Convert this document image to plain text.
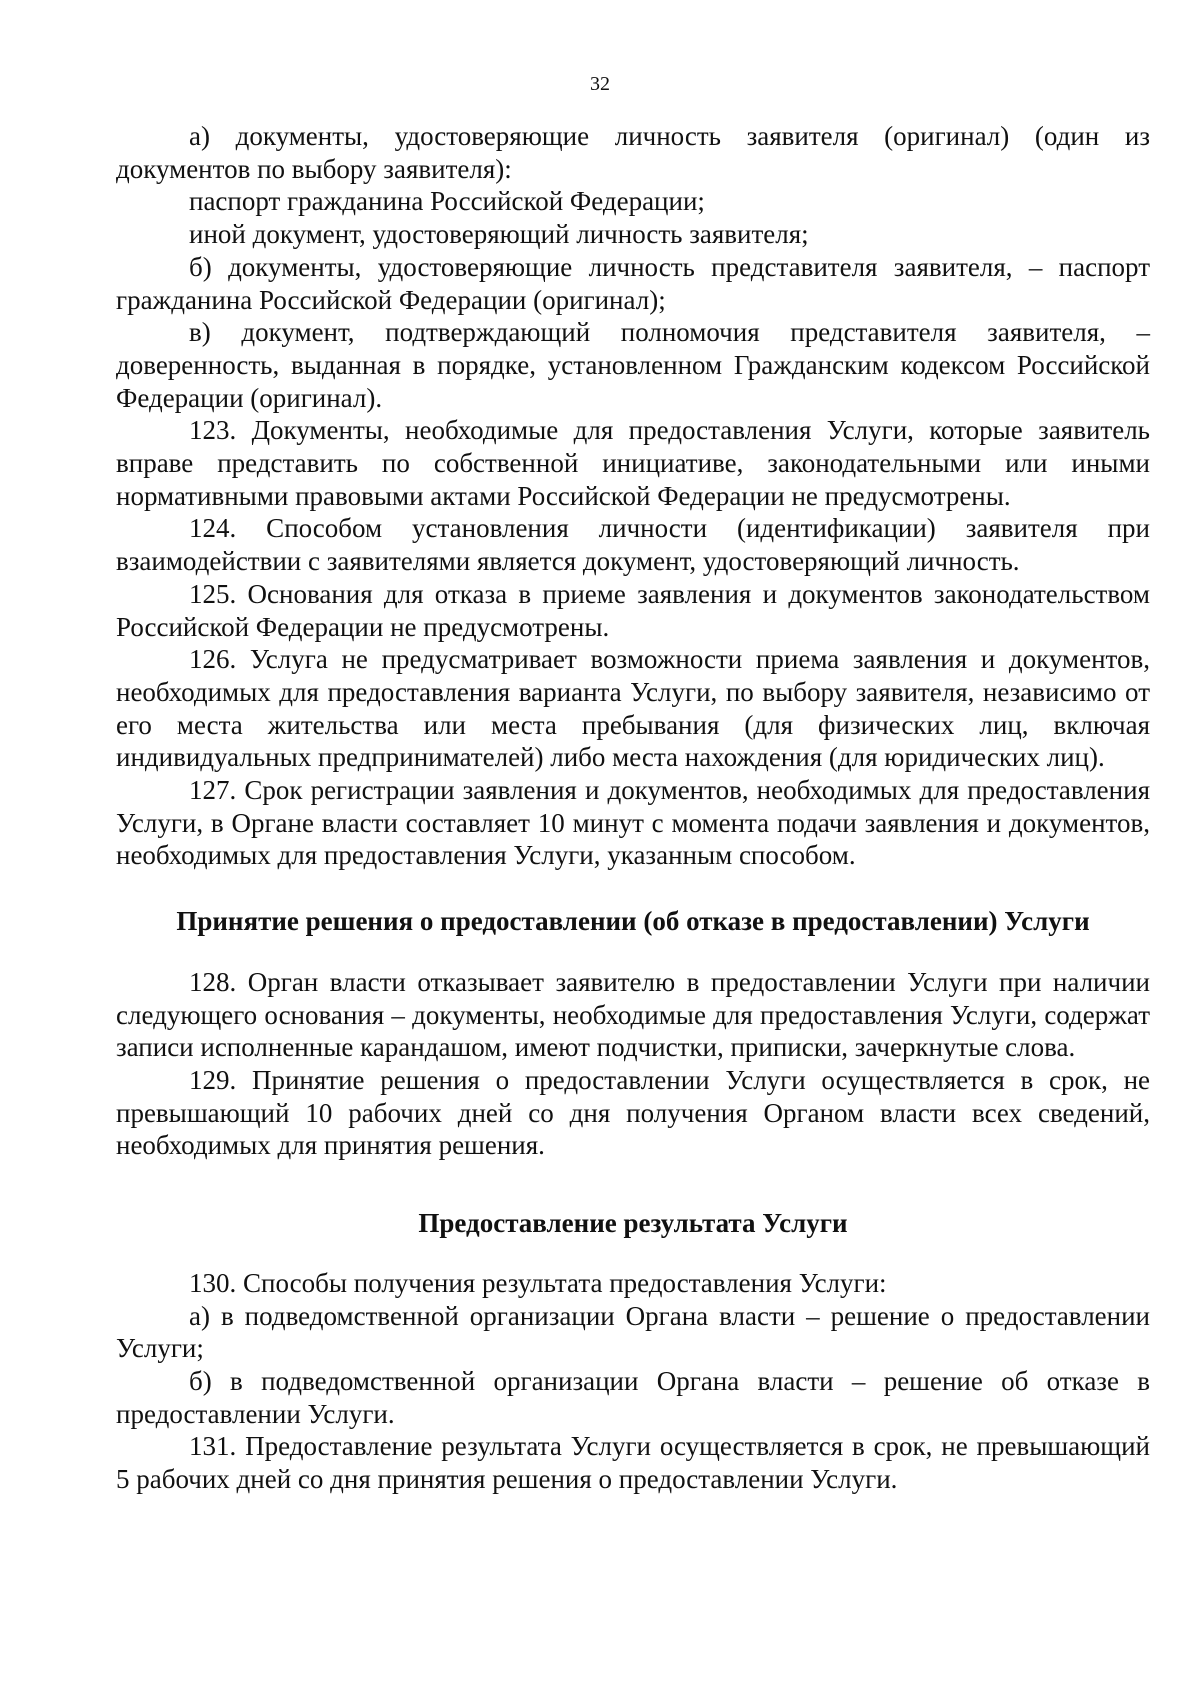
32

а) документы, удостоверяющие личность заявителя (оригинал) (один из документов по выбору заявителя):

паспорт гражданина Российской Федерации;

иной документ, удостоверяющий личность заявителя;

б) документы, удостоверяющие личность представителя заявителя, – паспорт гражданина Российской Федерации (оригинал);

в) документ, подтверждающий полномочия представителя заявителя, – доверенность, выданная в порядке, установленном Гражданским кодексом Российской Федерации (оригинал).

123. Документы, необходимые для предоставления Услуги, которые заявитель вправе представить по собственной инициативе, законодательными или иными нормативными правовыми актами Российской Федерации не предусмотрены.

124. Способом установления личности (идентификации) заявителя при взаимодействии с заявителями является документ, удостоверяющий личность.

125. Основания для отказа в приеме заявления и документов законодательством Российской Федерации не предусмотрены.

126. Услуга не предусматривает возможности приема заявления и документов, необходимых для предоставления варианта Услуги, по выбору заявителя, независимо от его места жительства или места пребывания (для физических лиц, включая индивидуальных предпринимателей) либо места нахождения (для юридических лиц).

127. Срок регистрации заявления и документов, необходимых для предоставления Услуги, в Органе власти составляет 10 минут с момента подачи заявления и документов, необходимых для предоставления Услуги, указанным способом.

Принятие решения о предоставлении (об отказе в предоставлении) Услуги

128. Орган власти отказывает заявителю в предоставлении Услуги при наличии следующего основания – документы, необходимые для предоставления Услуги, содержат записи исполненные карандашом, имеют подчистки, приписки, зачеркнутые слова.

129. Принятие решения о предоставлении Услуги осуществляется в срок, не превышающий 10 рабочих дней со дня получения Органом власти всех сведений, необходимых для принятия решения.

Предоставление результата Услуги

130. Способы получения результата предоставления Услуги:

а) в подведомственной организации Органа власти – решение о предоставлении Услуги;

б) в подведомственной организации Органа власти – решение об отказе в предоставлении Услуги.

131. Предоставление результата Услуги осуществляется в срок, не превышающий 5 рабочих дней со дня принятия решения о предоставлении Услуги.
